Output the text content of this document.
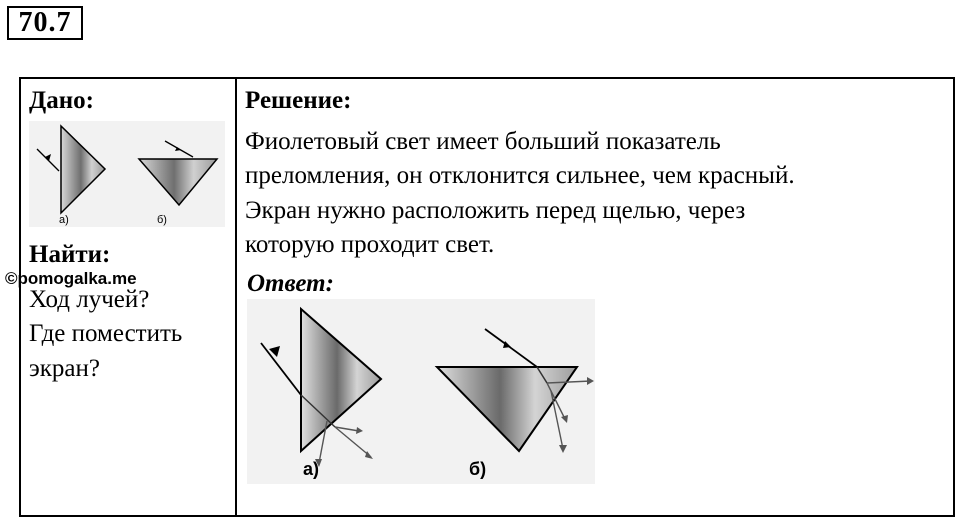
70.7
Дано:
а)	б)
Найти:
Ход лучей?
Где поместить
экран?
Решение:
Фиолетовый свет имеет больший показатель
преломления, он отклонится сильнее, чем красный.
Экран нужно расположить перед щелью, через
которую проходит свет.
Ответ:
а)	б)
©pomogalka.me
